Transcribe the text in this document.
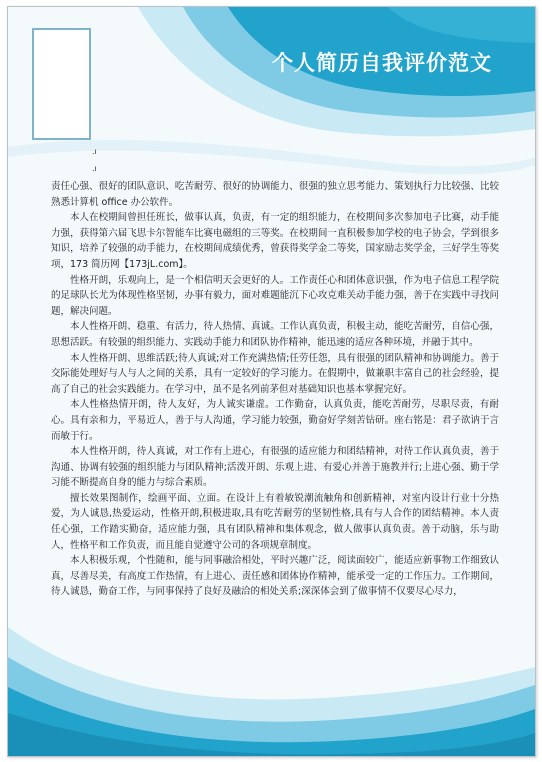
个人简历自我评价范文
.ı
.ı

责任心强、很好的团队意识、吃苦耐劳、很好的协调能力、很强的独立思考能力、策划执行力比较强、比较熟悉计算机 office 办公软件。

本人在校期间曾担任班长，做事认真，负责，有一定的组织能力，在校期间多次参加电子比赛，动手能力强，获得第六届飞思卡尔智能车比赛电磁组的三等奖。在校期间一直积极参加学校的电子协会，学到很多知识，培养了较强的动手能力，在校期间成绩优秀，曾获得奖学金二等奖，国家励志奖学金，三好学生等奖项，173 简历网【173jL.com】。

性格开朗，乐观向上，是一个相信明天会更好的人。工作责任心和团体意识强，作为电子信息工程学院的足球队长尤为体现性格坚韧，办事有毅力，面对难题能沉下心攻克难关动手能力强，善于在实践中寻找问题，解决问题。

本人性格开朗、稳重、有活力，待人热情、真诚。工作认真负责，积极主动，能吃苦耐劳，自信心强，思想活跃。有较强的组织能力、实践动手能力和团队协作精神，能迅速的适应各种环境，并融于其中。

本人性格开朗、思维活跃;待人真诚;对工作充满热情;任劳任怨，具有很强的团队精神和协调能力。善于交际能处理好与人与人之间的关系，具有一定较好的学习能力。在假期中，做兼职丰富自己的社会经验，提高了自己的社会实践能力。在学习中，虽不是名列前茅但对基础知识也基本掌握完好。

本人性格热情开朗，待人友好，为人诚实谦虚。工作勤奋，认真负责，能吃苦耐劳，尽职尽责，有耐心。具有亲和力，平易近人，善于与人沟通，学习能力较强，勤奋好学刻苦钻研。座右铭是：君子欲讷于言而敏于行。

本人性格开朗，待人真诚，对工作有上进心，有很强的适应能力和团结精神，对待工作认真负责，善于沟通、协调有较强的组织能力与团队精神;活泼开朗、乐观上进、有爱心并善于施教并行;上进心强、勤于学习能不断提高自身的能力与综合素质。

擅长效果图制作，绘画平面、立面。在设计上有着敏锐潮流触角和创新精神，对室内设计行业十分热爱，为人诚恳,热爱运动，性格开朗,积极进取,具有吃苦耐劳的坚韧性格,具有与人合作的团结精神。本人责任心强，工作踏实勤奋，适应能力强，具有团队精神和集体观念，做人做事认真负责。善于动脑，乐与助人，性格平和工作负责，而且能自觉遵守公司的各项规章制度。

本人积极乐观，个性随和，能与同事融洽相处，平时兴趣广泛，阅读面较广，能适应新事物工作细致认真，尽善尽美，有高度工作热情，有上进心、责任感和团体协作精神，能承受一定的工作压力。工作期间，待人诚恳，勤奋工作，与同事保持了良好及融洽的相处关系;深深体会到了做事情不仅要尽心尽力，
